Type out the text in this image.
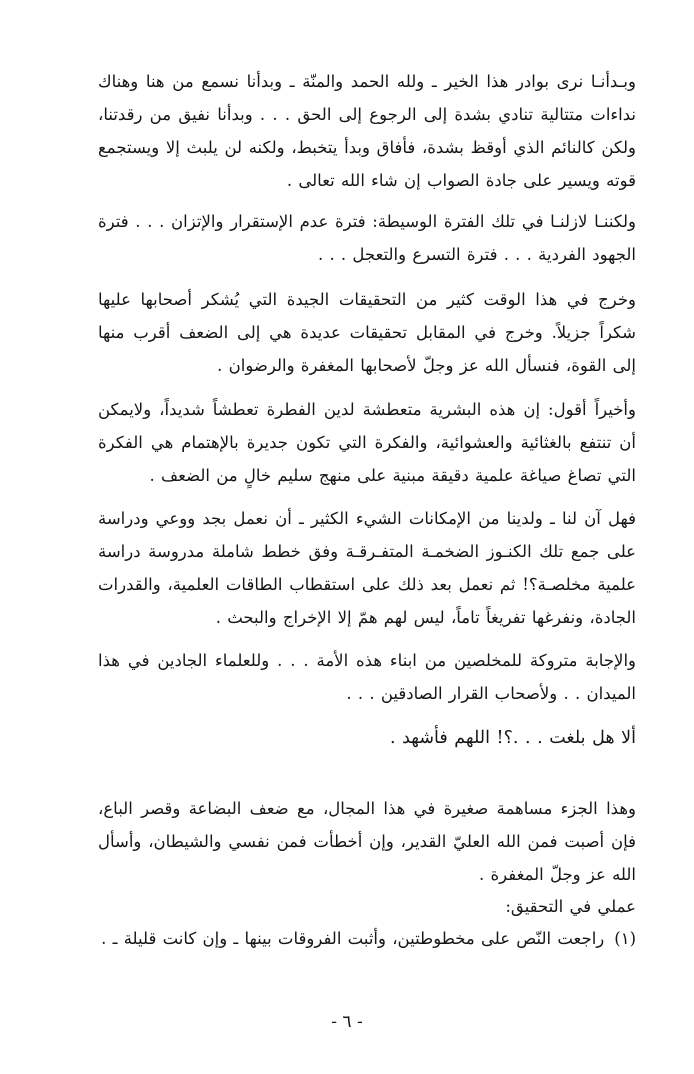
وبـدأنـا نرى بوادر هذا الخير ـ ولله الحمد والمنّة ـ وبدأنا نسمع من هنا وهناك نداءات متتالية تنادي بشدة إلى الرجوع إلى الحق . . . وبدأنا نفيق من رقدتنا، ولكن كالنائم الذي أوقظ بشدة، فأفاق وبدأ يتخبط، ولكنه لن يلبث إلا ويستجمع قوته ويسير على جادة الصواب إن شاء الله تعالى .

ولكننـا لازلنـا في تلك الفترة الوسيطة: فترة عدم الإستقرار والإتزان . . . فترة الجهود الفردية . . . فترة التسرع والتعجل . . .

وخرج في هذا الوقت كثير من التحقيقات الجيدة التي يُشكر أصحابها عليها شكراً جزيلاً. وخرج في المقابل تحقيقات عديدة هي إلى الضعف أقرب منها إلى القوة، فنسأل الله عز وجلّ لأصحابها المغفرة والرضوان .

وأخيراً أقول: إن هذه البشرية متعطشة لدين الفطرة تعطشاً شديداً، ولايمكن أن تنتفع بالغثائية والعشوائية، والفكرة التي تكون جديرة بالإهتمام هي الفكرة التي تصاغ صياغة علمية دقيقة مبنية على منهج سليم خالٍ من الضعف .

فهل آن لنا ـ ولدينا من الإمكانات الشيء الكثير ـ أن نعمل بجد ووعي ودراسة على جمع تلك الكنـوز الضخمـة المتفـرقـة وفق خطط شاملة مدروسة دراسة علمية مخلصـة؟! ثم نعمل بعد ذلك على استقطاب الطاقات العلمية، والقدرات الجادة، ونفرغها تفريغاً تاماً، ليس لهم همّ إلا الإخراج والبحث .

والإجابة متروكة للمخلصين من ابناء هذه الأمة . . . وللعلماء الجادين في هذا الميدان . . ولأصحاب القرار الصادقين . . .

ألا هل بلغت . . .؟! اللهم فأشهد .

وهذا الجزء مساهمة صغيرة في هذا المجال، مع ضعف البضاعة وقصر الباع، فإن أصبت فمن الله العليّ القدير، وإن أخطأت فمن نفسي والشيطان، وأسأل الله عز وجلّ المغفرة .

عملي في التحقيق:

(١)راجعت النّص على مخطوطتين، وأثبت الفروقات بينها ـ وإن كانت قليلة ـ .

- ٦ -
